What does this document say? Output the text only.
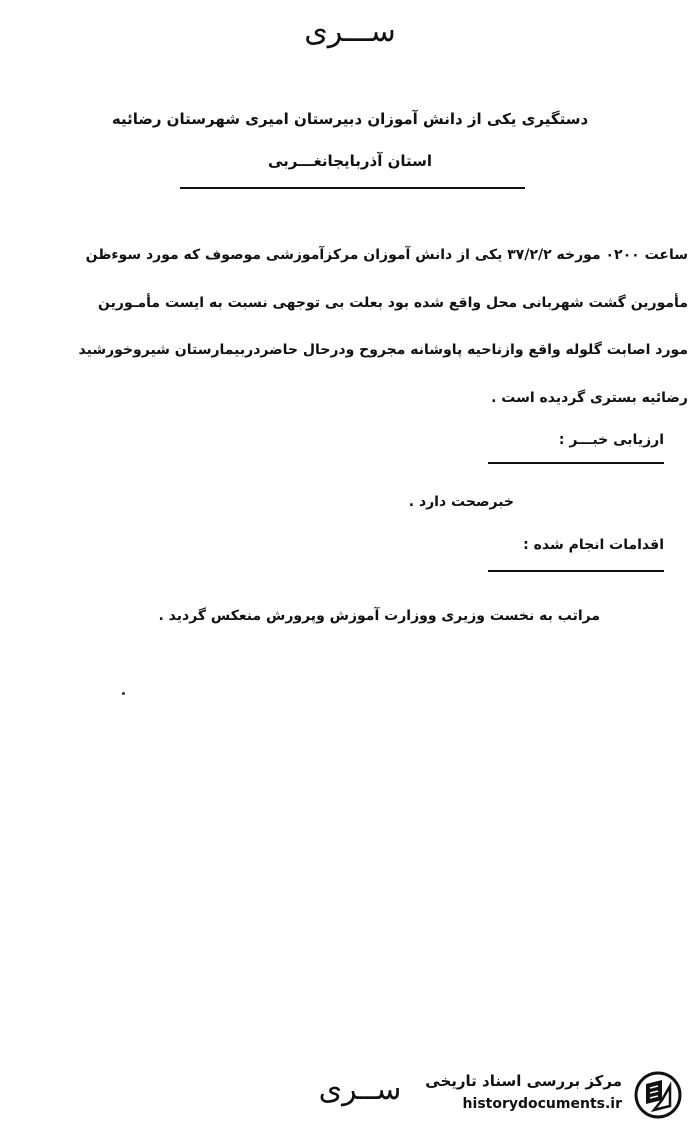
ســـری
دستگیری یکی از دانش آموزان دبیرستان امیری شهرستان رضائیه
استان آذربایجانغـــربی
ساعت ۰۲۰۰ مورخه ۳۷/۲/۲ یکی از دانش آموزان مرکزآموزشی موصوف که مورد سوءظن
مأمورین گشت شهربانی محل واقع شده بود بعلت بی توجهی نسبت به ایست مأمـورین
مورد اصابت گلوله واقع وازناحیه پاوشانه مجروح ودرحال حاضردربیمارستان شیروخورشید
رضائیه بستری گردیده است .
ارزیابی خبـــر :
خبرصحت دارد .
اقدامات انجام شده :
مراتب به نخست وزیری ووزارت آموزش وپرورش منعکس گردید .
ســری	مرکز بررسی اسناد تاریخی
historydocuments.ir
